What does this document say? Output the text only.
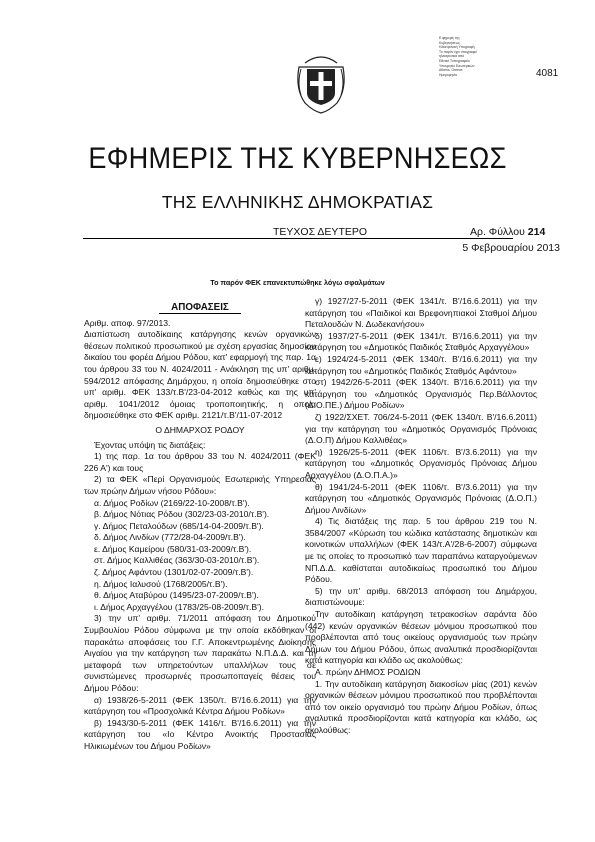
Ε.φημερίς της
Κυβερνήσεως
Ηλεκτρονική Υπογραφή
Το παρόν έχει υπογραφεί
ηλεκτρονικά από
Εθνικό Τυπογραφείο
Υπουργείο Εσωτερικών
Athens, Greece
Ημερομηνία	4081
ΕΦΗΜΕΡΙΣ ΤΗΣ ΚΥΒΕΡΝΗΣΕΩΣ
ΤΗΣ ΕΛΛΗΝΙΚΗΣ ΔΗΜΟΚΡΑΤΙΑΣ
ΤΕΥΧΟΣ ΔΕΥΤΕΡΟ	Αρ. Φύλλου 214
5 Φεβρουαρίου 2013
Το παρόν ΦΕΚ επανεκτυπώθηκε λόγω σφαλμάτων

ΑΠΟΦΑΣΕΙΣ

Αριθμ. αποφ. 97/2013.

Διαπίστωση αυτοδίκαιης κατάργησης κενών οργανικών θέσεων πολιτικού προσωπικού με σχέση εργασίας δημοσίου δικαίου του φορέα Δήμου Ρόδου, κατ' εφαρμογή της παρ. 1α του άρθρου 33 του Ν. 4024/2011 - Ανάκληση της υπ' αριθμ. 594/2012 απόφασης Δημάρχου, η οποία δημοσιεύθηκε στο υπ' αριθμ. ΦΕΚ 133/τ.Β'/23-04-2012 καθώς και της υπ' αριθμ. 1041/2012 όμοιας τροποποιητικής, η οποία δημοσιεύθηκε στο ΦΕΚ αριθμ. 2121/τ.Β'/11-07-2012

Ο ΔΗΜΑΡΧΟΣ ΡΟΔΟΥ

Έχοντας υπόψη τις διατάξεις:

1) της παρ. 1α του άρθρου 33 του Ν. 4024/2011 (ΦΕΚ 226 Α') και τους

2) τα ΦΕΚ «Περί Οργανισμούς Εσωτερικής Υπηρεσίας των πρώην Δήμων νήσου Ρόδου»:

α. Δήμος Ροδίων (2169/22-10-2008/τ.Β').

β. Δήμος Νότιας Ρόδου (302/23-03-2010/τ.Β').

γ. Δήμος Πεταλούδων (685/14-04-2009/τ.Β').

δ. Δήμος Λινδίων (772/28-04-2009/τ.Β').

ε. Δήμος Καμείρου (580/31-03-2009/τ.Β').

στ. Δήμος Καλλιθέας (363/30-03-2010/τ.Β').

ζ. Δήμος Αφάντου (1301/02-07-2009/τ.Β').

η. Δήμος Ιαλυσού (1768/2005/τ.Β').

θ. Δήμος Αταβύρου (1495/23-07-2009/τ.Β').

ι. Δήμος Αρχαγγέλου (1783/25-08-2009/τ.Β').

3) την υπ' αριθμ. 71/2011 απόφαση του Δημοτικού Συμβουλίου Ρόδου σύμφωνα με την οποία εκδόθηκαν οι παρακάτω αποφάσεις του Γ.Γ. Αποκεντρωμένης Διοίκησης Αιγαίου για την κατάργηση των παρακάτω Ν.Π.Δ.Δ. και τη μεταφορά των υπηρετούντων υπαλλήλων τους σε συνιστώμενες προσωρινές προσωποπαγείς θέσεις του Δήμου Ρόδου:

α) 1938/26-5-2011 (ΦΕΚ 1350/τ. Β'/16.6.2011) για την κατάργηση του «Προσχολικά Κέντρα Δήμου Ροδίων»

β) 1943/30-5-2011 (ΦΕΚ 1416/τ. Β'/16.6.2011) για την κατάργηση του «Ιο Κέντρο Ανοικτής Προστασίας Ηλικιωμένων του Δήμου Ροδίων»

γ) 1927/27-5-2011 (ΦΕΚ 1341/τ. Β'/16.6.2011) για την κατάργηση του «Παιδικοί και Βρεφονηπιακοί Σταθμοί Δήμου Πεταλουδών Ν. Δωδεκανήσου»

δ) 1937/27-5-2011 (ΦΕΚ 1341/τ. Β'/16.6.2011) για την κατάργηση του «Δημοτικός Παιδικός Σταθμός Αρχαγγέλου»

ε) 1924/24-5-2011 (ΦΕΚ 1340/τ. Β'/16.6.2011) για την κατάργηση του «Δημοτικός Παιδικός Σταθμός Αφάντου»

στ) 1942/26-5-2011 (ΦΕΚ 1340/τ. Β'/16.6.2011) για την κατάργηση του «Δημοτικός Οργανισμός Περ.Βάλλοντος (Δ.Ο.ΠΕ.) Δήμου Ροδίων»

ζ) 1922/ΣΧΕΤ. 706/24-5-2011 (ΦΕΚ 1340/τ. Β'/16.6.2011) για την κατάργηση του «Δημοτικός Οργανισμός Πρόνοιας (Δ.Ο.Π) Δήμου Καλλιθέας»

η) 1926/25-5-2011 (ΦΕΚ 1106/τ. Β'/3.6.2011) για την κατάργηση του «Δημοτικός Οργανισμός Πρόνοιας Δήμου Αρχαγγέλου (Δ.Ο.Π.Α.)»

θ) 1941/24-5-2011 (ΦΕΚ 1106/τ. Β'/3.6.2011) για την κατάργηση του «Δημοτικός Οργανισμός Πρόνοιας (Δ.Ο.Π.) Δήμου Λινδίων»

4) Τις διατάξεις της παρ. 5 του άρθρου 219 του Ν. 3584/2007 «Κύρωση του κώδικα κατάστασης δημοτικών και κοινοτικών υπαλλήλων (ΦΕΚ 143/τ.Α'/28-6-2007) σύμφωνα με τις οποίες το προσωπικό των παραπάνω καταργούμενων ΝΠ.Δ.Δ. καθίσταται αυτοδικαίως προσωπικό του Δήμου Ρόδου.

5) την υπ' αριθμ. 68/2013 απόφαση του Δημάρχου, διαπιστώνουμε:

Την αυτοδίκαιη κατάργηση τετρακοσίων σαράντα δύο (442) κενών οργανικών θέσεων μόνιμου προσωπικού που προβλέπονται από τους οικείους οργανισμούς των πρώην Δήμων του Δήμου Ρόδου, όπως αναλυτικά προσδιορίζονται κατά κατηγορία και κλάδο ως ακολούθως:

Α. πρώην ΔΗΜΟΣ ΡΟΔΙΩΝ

1. Την αυτοδίκαιη κατάργηση διακοσίων μίας (201) κενών οργανικών θέσεων μόνιμου προσωπικού που προβλέπονται από τον οικείο οργανισμό του πρώην Δήμου Ροδίων, όπως αναλυτικά προσδιορίζονται κατά κατηγορία και κλάδο, ως ακολούθως:
